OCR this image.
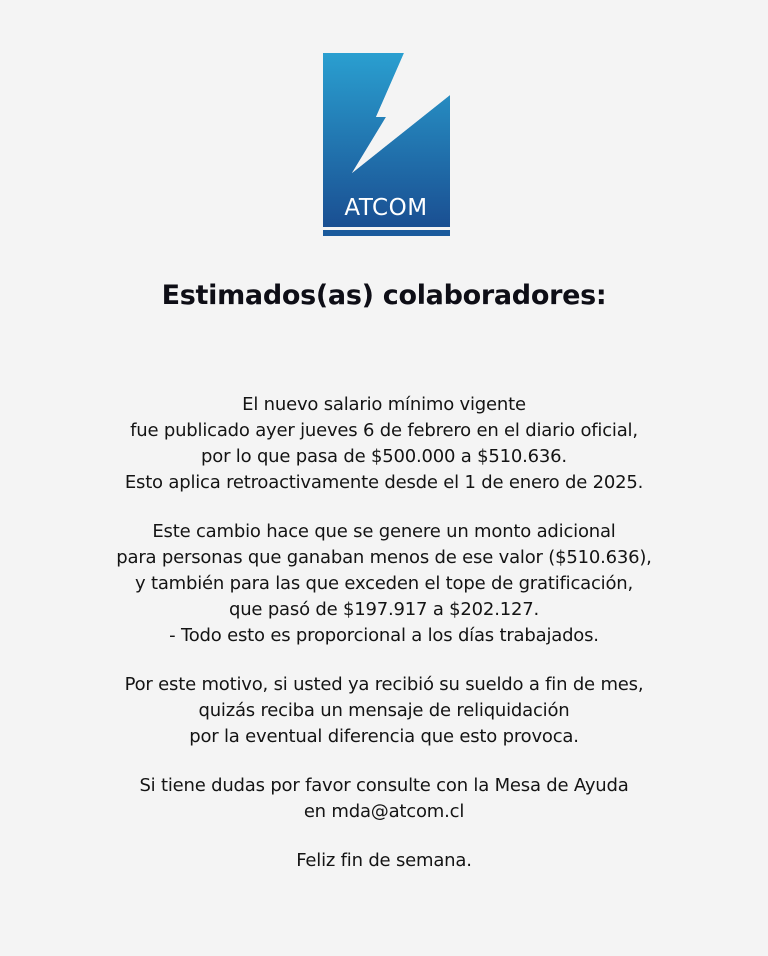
ATCOM
Estimados(as) colaboradores:

El nuevo salario mínimo vigente
fue publicado ayer jueves 6 de febrero en el diario oficial,
por lo que pasa de $500.000 a $510.636.
Esto aplica retroactivamente desde el 1 de enero de 2025.

Este cambio hace que se genere un monto adicional
para personas que ganaban menos de ese valor ($510.636),
y también para las que exceden el tope de gratificación,
que pasó de $197.917 a $202.127.
- Todo esto es proporcional a los días trabajados.

Por este motivo, si usted ya recibió su sueldo a fin de mes,
quizás reciba un mensaje de reliquidación
por la eventual diferencia que esto provoca.

Si tiene dudas por favor consulte con la Mesa de Ayuda
en mda@atcom.cl

Feliz fin de semana.
